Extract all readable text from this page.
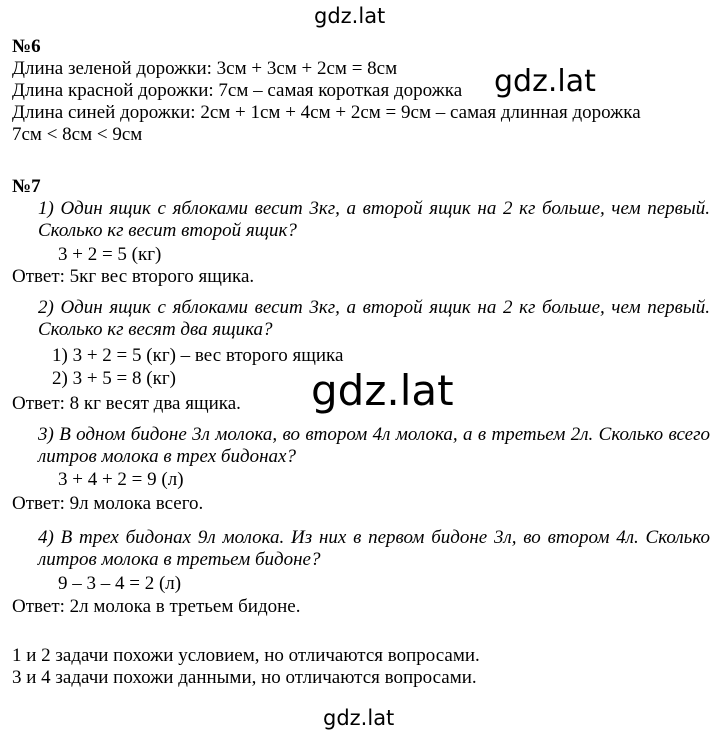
gdz.lat
№6
Длина зеленой дорожки: 3см + 3см + 2см = 8см
Длина красной дорожки: 7см – самая короткая дорожка
Длина синей дорожки: 2см + 1см + 4см + 2см = 9см – самая длинная дорожка
7см < 8см < 9см
gdz.lat
№7
1) Один ящик с яблоками весит 3кг, а второй ящик на 2 кг больше, чем первый. Сколько кг весит второй ящик?
3 + 2 = 5 (кг)
Ответ: 5кг вес второго ящика.
2) Один ящик с яблоками весит 3кг, а второй ящик на 2 кг больше, чем первый. Сколько кг весят два ящика?
1) 3 + 2 = 5 (кг) – вес второго ящика
2) 3 + 5 = 8 (кг)
Ответ: 8 кг весят два ящика. gdz.lat
3) В одном бидоне 3л молока, во втором 4л молока, а в третьем 2л. Сколько всего литров молока в трех бидонах?
3 + 4 + 2 = 9 (л)
Ответ: 9л молока всего.
4) В трех бидонах 9л молока. Из них в первом бидоне 3л, во втором 4л. Сколько литров молока в третьем бидоне?
9 – 3 – 4 = 2 (л)
Ответ: 2л молока в третьем бидоне.
1 и 2 задачи похожи условием, но отличаются вопросами.
3 и 4 задачи похожи данными, но отличаются вопросами.
gdz.lat
